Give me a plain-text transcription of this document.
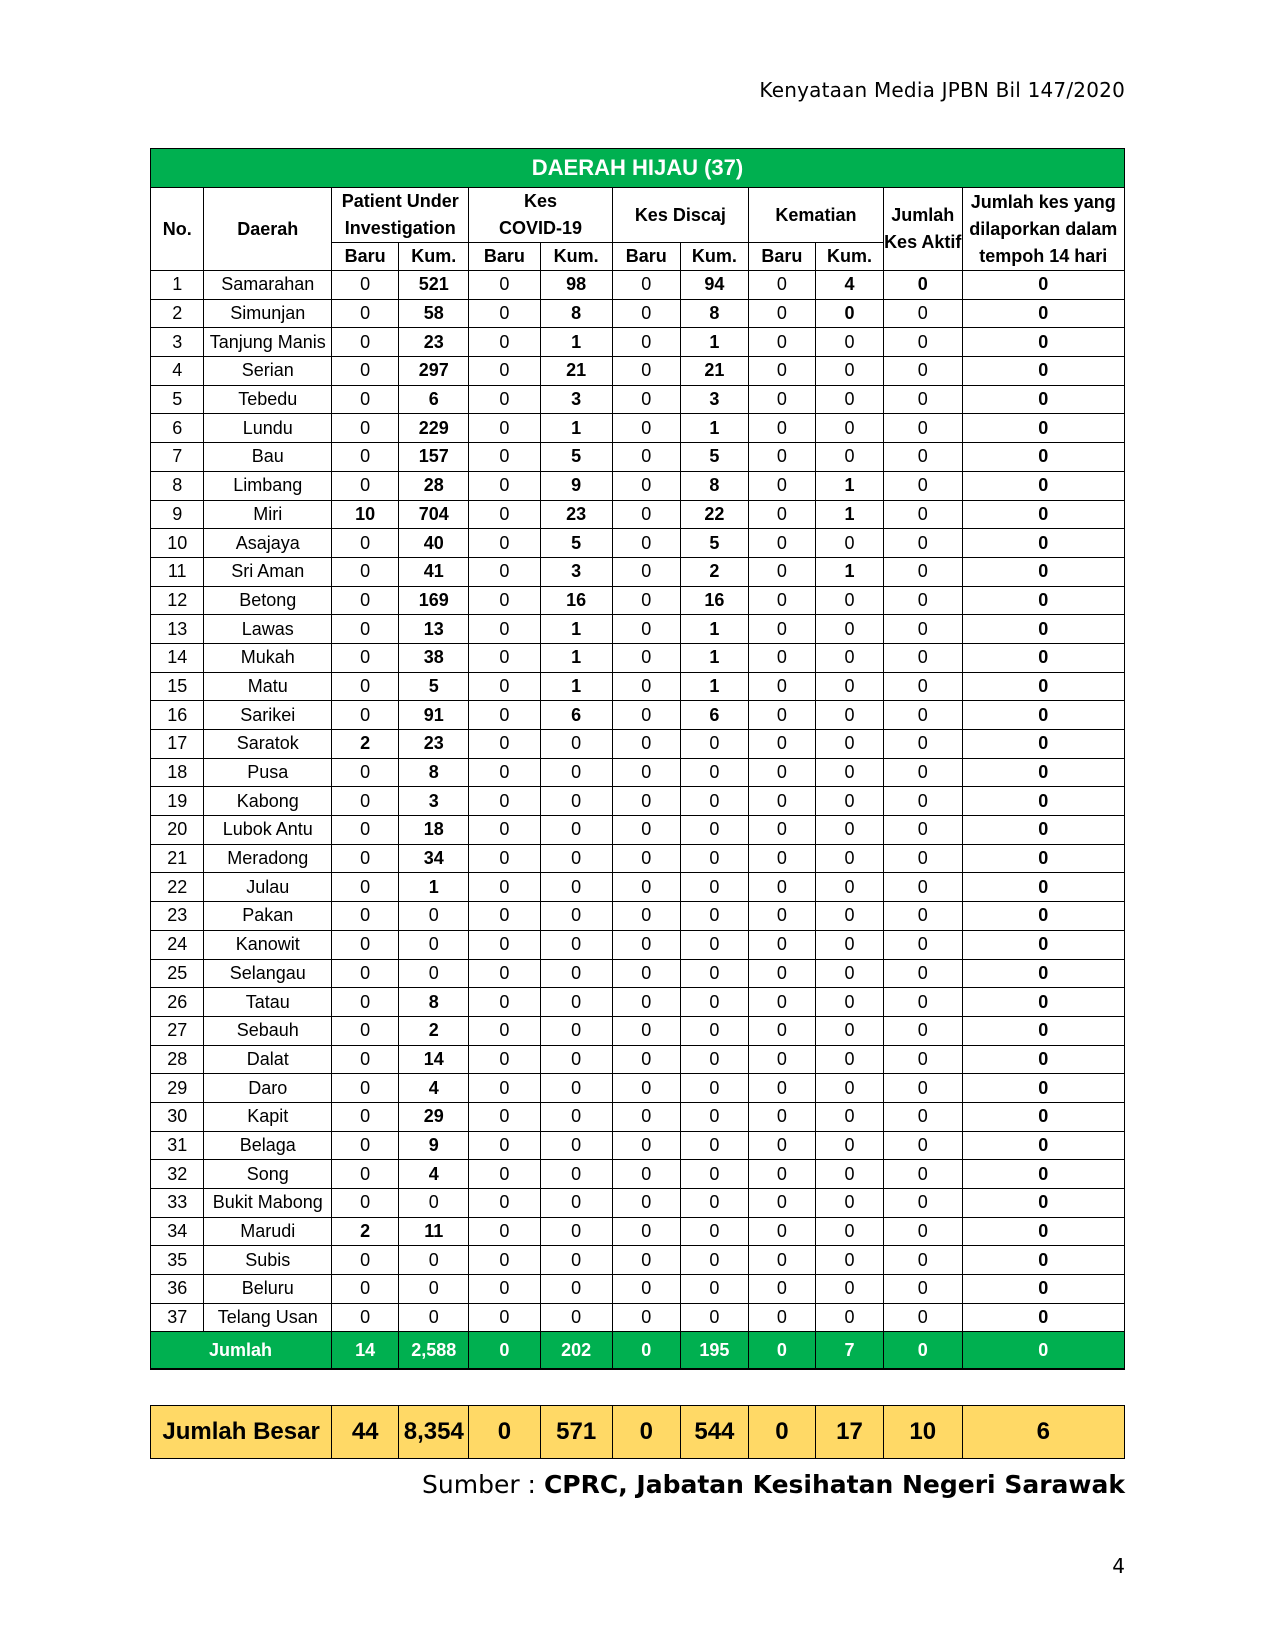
Kenyataan Media JPBN Bil 147/2020
DAERAH HIJAU (37)											
No.	Daerah	Patient Under Investigation		Kes COVID-19		Kes Discaj		Kematian		Jumlah Kes Aktif	Jumlah kes yang dilaporkan dalam tempoh 14 hari
		Baru	Kum.	Baru	Kum.	Baru	Kum.	Baru	Kum.		
1	Samarahan	0	521	0	98	0	94	0	4	0	0
2	Simunjan	0	58	0	8	0	8	0	0	0	0
3	Tanjung Manis	0	23	0	1	0	1	0	0	0	0
4	Serian	0	297	0	21	0	21	0	0	0	0
5	Tebedu	0	6	0	3	0	3	0	0	0	0
6	Lundu	0	229	0	1	0	1	0	0	0	0
7	Bau	0	157	0	5	0	5	0	0	0	0
8	Limbang	0	28	0	9	0	8	0	1	0	0
9	Miri	10	704	0	23	0	22	0	1	0	0
10	Asajaya	0	40	0	5	0	5	0	0	0	0
11	Sri Aman	0	41	0	3	0	2	0	1	0	0
12	Betong	0	169	0	16	0	16	0	0	0	0
13	Lawas	0	13	0	1	0	1	0	0	0	0
14	Mukah	0	38	0	1	0	1	0	0	0	0
15	Matu	0	5	0	1	0	1	0	0	0	0
16	Sarikei	0	91	0	6	0	6	0	0	0	0
17	Saratok	2	23	0	0	0	0	0	0	0	0
18	Pusa	0	8	0	0	0	0	0	0	0	0
19	Kabong	0	3	0	0	0	0	0	0	0	0
20	Lubok Antu	0	18	0	0	0	0	0	0	0	0
21	Meradong	0	34	0	0	0	0	0	0	0	0
22	Julau	0	1	0	0	0	0	0	0	0	0
23	Pakan	0	0	0	0	0	0	0	0	0	0
24	Kanowit	0	0	0	0	0	0	0	0	0	0
25	Selangau	0	0	0	0	0	0	0	0	0	0
26	Tatau	0	8	0	0	0	0	0	0	0	0
27	Sebauh	0	2	0	0	0	0	0	0	0	0
28	Dalat	0	14	0	0	0	0	0	0	0	0
29	Daro	0	4	0	0	0	0	0	0	0	0
30	Kapit	0	29	0	0	0	0	0	0	0	0
31	Belaga	0	9	0	0	0	0	0	0	0	0
32	Song	0	4	0	0	0	0	0	0	0	0
33	Bukit Mabong	0	0	0	0	0	0	0	0	0	0
34	Marudi	2	11	0	0	0	0	0	0	0	0
35	Subis	0	0	0	0	0	0	0	0	0	0
36	Beluru	0	0	0	0	0	0	0	0	0	0
37	Telang Usan	0	0	0	0	0	0	0	0	0	0
Jumlah		14	2,588	0	202	0	195	0	7	0	0
Jumlah Besar	44	8,354	0	571	0	544	0	17	10	6
Sumber : CPRC, Jabatan Kesihatan Negeri Sarawak
4
